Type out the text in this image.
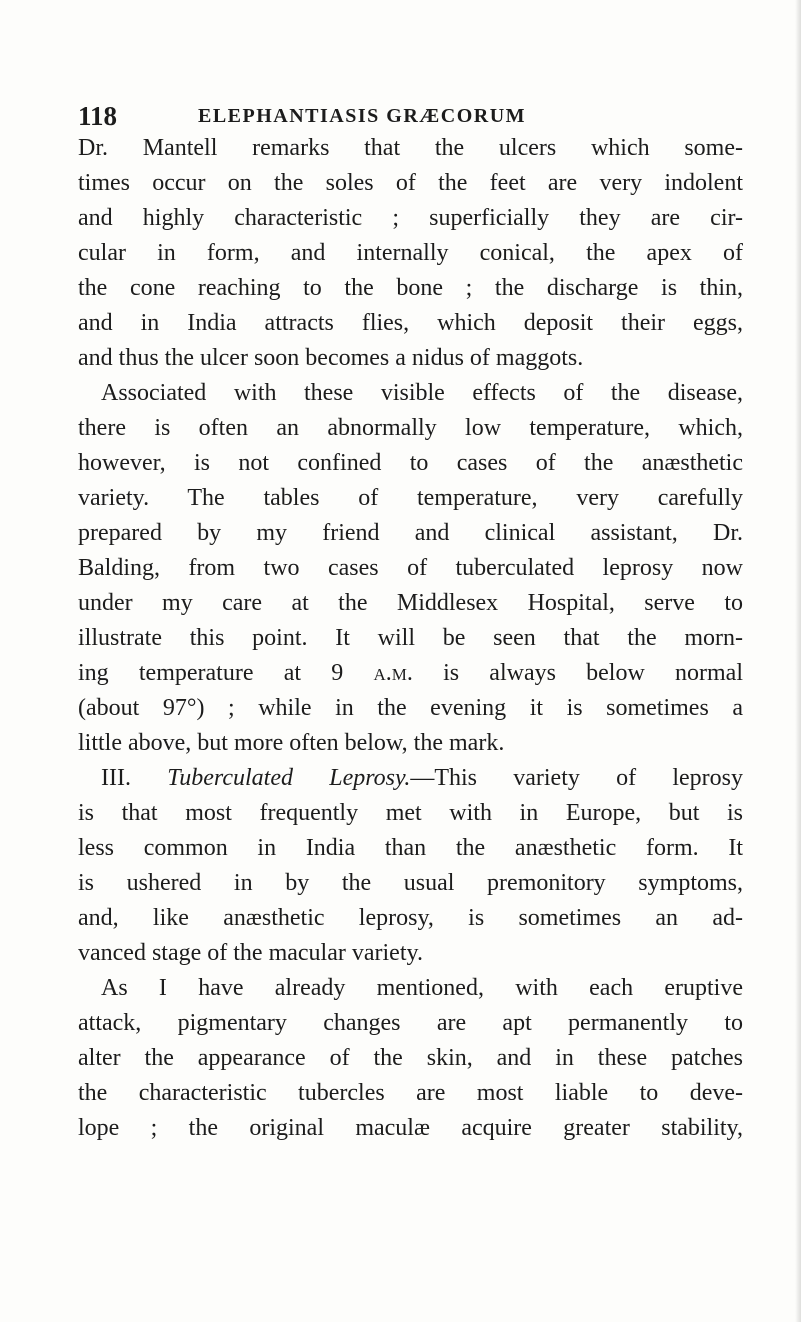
118	ELEPHANTIASIS GRÆCORUM
Dr. Mantell remarks that the ulcers which some-
times occur on the soles of the feet are very indolent
and highly characteristic ; superficially they are cir-
cular in form, and internally conical, the apex of
the cone reaching to the bone ; the discharge is thin,
and in India attracts flies, which deposit their eggs,
and thus the ulcer soon becomes a nidus of maggots.
Associated with these visible effects of the disease,
there is often an abnormally low temperature, which,
however, is not confined to cases of the anæsthetic
variety. The tables of temperature, very carefully
prepared by my friend and clinical assistant, Dr.
Balding, from two cases of tuberculated leprosy now
under my care at the Middlesex Hospital, serve to
illustrate this point. It will be seen that the morn-
ing temperature at 9 a.m. is always below normal
(about 97°) ; while in the evening it is sometimes a
little above, but more often below, the mark.
III. Tuberculated Leprosy.—This variety of leprosy
is that most frequently met with in Europe, but is
less common in India than the anæsthetic form. It
is ushered in by the usual premonitory symptoms,
and, like anæsthetic leprosy, is sometimes an ad-
vanced stage of the macular variety.
As I have already mentioned, with each eruptive
attack, pigmentary changes are apt permanently to
alter the appearance of the skin, and in these patches
the characteristic tubercles are most liable to deve-
lope ; the original maculæ acquire greater stability,
